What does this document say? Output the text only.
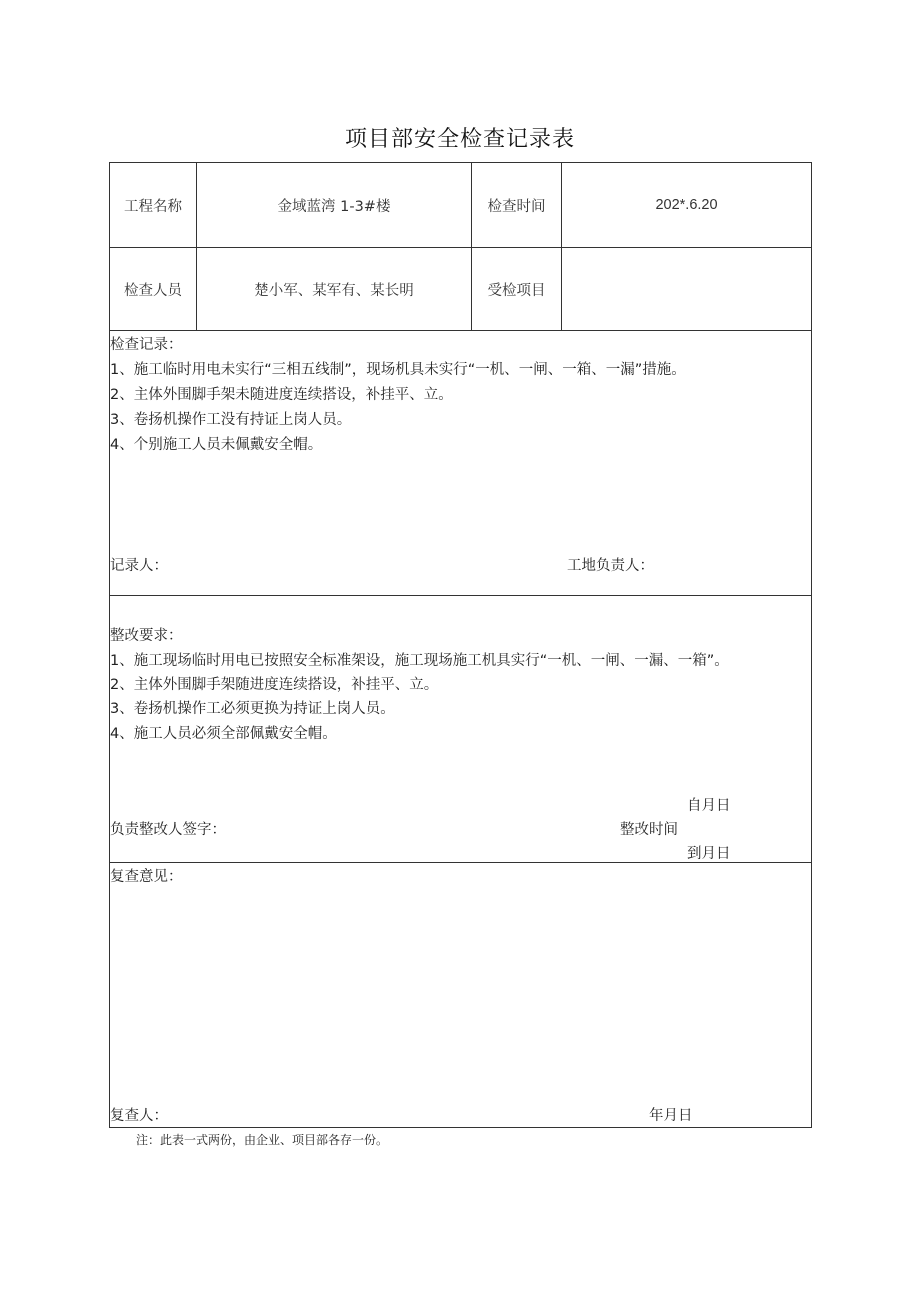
项目部安全检查记录表
工程名称	金域蓝湾 1-3#楼	检查时间	202*.6.20
检查人员	楚小军、某军有、某长明	受检项目
检查记录：
1、施工临时用电未实行“三相五线制”，现场机具未实行“一机、一闸、一箱、一漏”措施。
2、主体外围脚手架未随进度连续搭设，补挂平、立。
3、卷扬机操作工没有持证上岗人员。
4、个别施工人员未佩戴安全帽。
记录人：	工地负责人：
整改要求：
1、施工现场临时用电已按照安全标准架设，施工现场施工机具实行“一机、一闸、一漏、一箱”。
2、主体外围脚手架随进度连续搭设，补挂平、立。
3、卷扬机操作工必须更换为持证上岗人员。
4、施工人员必须全部佩戴安全帽。
自月日
负责整改人签字：	整改时间
到月日
复查意见：
复查人：	年月日
注：此表一式两份，由企业、项目部各存一份。
